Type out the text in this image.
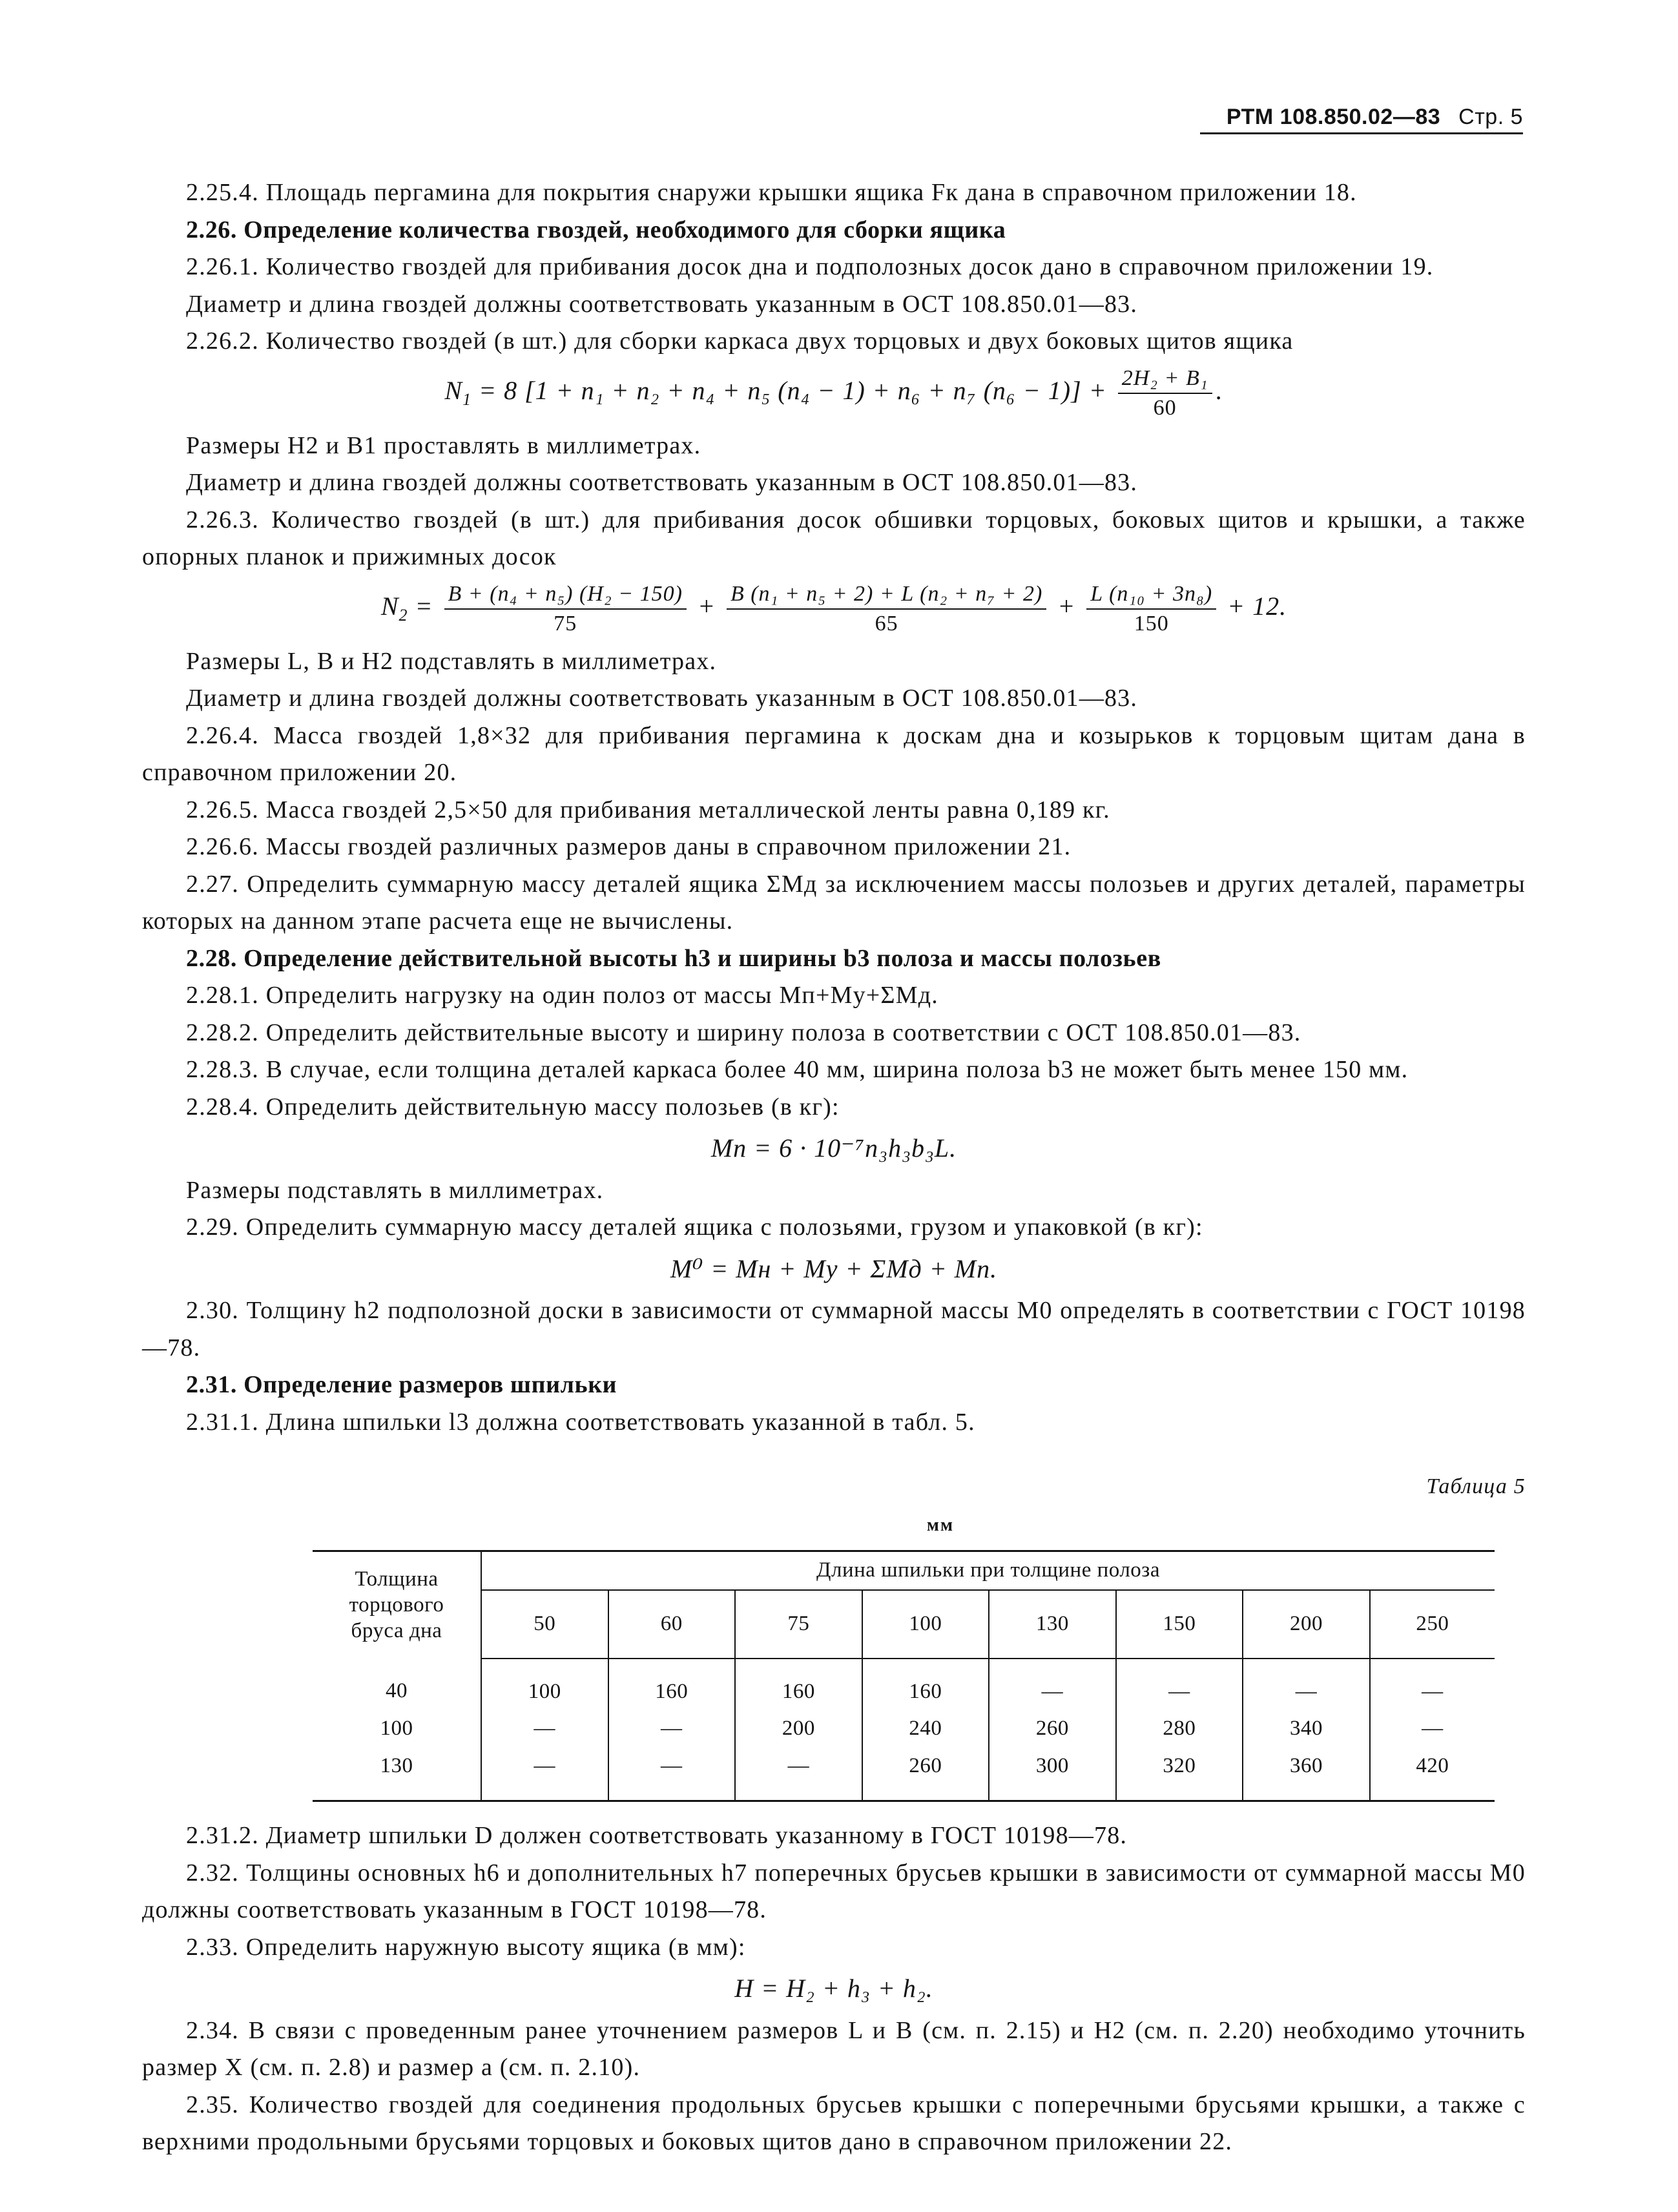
РТМ 108.850.02—83 Стр. 5

2.25.4. Площадь пергамина для покрытия снаружи крышки ящика Fк дана в справочном приложении 18.

2.26. Определение количества гвоздей, необходимого для сборки ящика

2.26.1. Количество гвоздей для прибивания досок дна и подполозных досок дано в справочном приложении 19.

Диаметр и длина гвоздей должны соответствовать указанным в ОСТ 108.850.01—83.

2.26.2. Количество гвоздей (в шт.) для сборки каркаса двух торцовых и двух боковых щитов ящика

$N_1 = 8$ [1 + n₁ + n₂ + n₄ + n₅ (n₄ − 1) + n₆ + n₇ $(n_6 - 1)] + \frac{\text{2H₂ + B₁}}{60}$ .

Размеры H2 и B1 проставлять в миллиметрах.

Диаметр и длина гвоздей должны соответствовать указанным в ОСТ 108.850.01—83.

2.26.3. Количество гвоздей (в шт.) для прибивания досок обшивки торцовых, боковых щитов и крышки, а также опорных планок и прижимных досок

$N_2 = \frac{\text{B + (n₄ + n₅) (H₂ − 150)}}{75} + \frac{\text{B (n₁ + n₅ + 2) + L (n₂ + n₇ + 2)}}{65} + \frac{\text{L (n₁₀ + 3n₈)}}{150} + 12$.

Размеры L, B и H2 подставлять в миллиметрах.

Диаметр и длина гвоздей должны соответствовать указанным в ОСТ 108.850.01—83.

2.26.4. Масса гвоздей 1,8×32 для прибивания пергамина к доскам дна и козырьков к торцовым щитам дана в справочном приложении 20.

2.26.5. Масса гвоздей 2,5×50 для прибивания металлической ленты равна 0,189 кг.

2.26.6. Массы гвоздей различных размеров даны в справочном приложении 21.

2.27. Определить суммарную массу деталей ящика ΣMд за исключением массы полозьев и других деталей, параметры которых на данном этапе расчета еще не вычислены.

2.28. Определение действительной высоты h3 и ширины b3 полоза и массы полозьев

2.28.1. Определить нагрузку на один полоз от массы Mп+Mу+ΣMд.

2.28.2. Определить действительные высоту и ширину полоза в соответствии с ОСТ 108.850.01—83.

2.28.3. В случае, если толщина деталей каркаса более 40 мм, ширина полоза b3 не может быть менее 150 мм.

2.28.4. Определить действительную массу полозьев (в кг):

Mп = 6 · 10⁻⁷n₃h₃b₃L.

Размеры подставлять в миллиметрах.

2.29. Определить суммарную массу деталей ящика с полозьями, грузом и упаковкой (в кг):

M⁰ = Mн + Mу + ΣMд + Mп.

2.30. Толщину h2 подполозной доски в зависимости от суммарной массы M0 определять в соответствии с ГОСТ 10198—78.

2.31. Определение размеров шпильки

2.31.1. Длина шпильки l3 должна соответствовать указанной в табл. 5.

Таблица 5
мм
Толщина
торцового
бруса дна	Длина шпильки при толщине полоза							
	50	60	75	100	130	150	200	250
40	100	160	160	160	—	—	—	—
100	—	—	200	240	260	280	340	—
130	—	—	—	260	300	320	360	420

2.31.2. Диаметр шпильки D должен соответствовать указанному в ГОСТ 10198—78.

2.32. Толщины основных h6 и дополнительных h7 поперечных брусьев крышки в зависимости от суммарной массы M0 должны соответствовать указанным в ГОСТ 10198—78.

2.33. Определить наружную высоту ящика (в мм):

H = H₂ + h₃ + h₂.

2.34. В связи с проведенным ранее уточнением размеров L и B (см. п. 2.15) и H2 (см. п. 2.20) необходимо уточнить размер X (см. п. 2.8) и размер a (см. п. 2.10).

2.35. Количество гвоздей для соединения продольных брусьев крышки с поперечными брусьями крышки, а также с верхними продольными брусьями торцовых и боковых щитов дано в справочном приложении 22.
